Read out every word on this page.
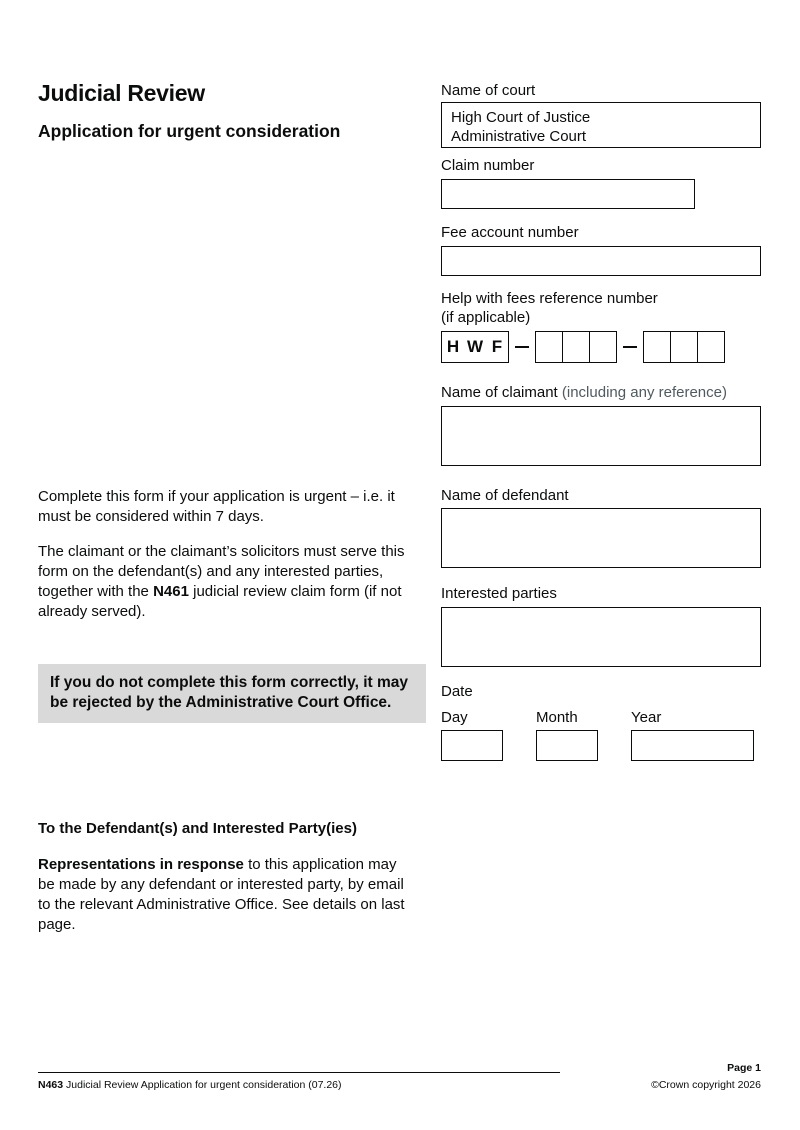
Judicial Review
Application for urgent consideration
Name of court
High Court of Justice
Administrative Court
Claim number
Fee account number
Help with fees reference number
(if applicable)
H W F
Name of claimant (including any reference)
Name of defendant
Interested parties
Date
Day	Month	Year

Complete this form if your application is urgent – i.e. it must be considered within 7 days.

The claimant or the claimant’s solicitors must serve this form on the defendant(s) and any interested parties, together with the N461 judicial review claim form (if not already served).

If you do not complete this form correctly, it may be rejected by the Administrative Court Office.

To the Defendant(s) and Interested Party(ies)

Representations in response to this application may be made by any defendant or interested party, by email to the relevant Administrative Office. See details on last page.

N463 Judicial Review Application for urgent consideration (07.26)
Page 1
©Crown copyright 2026
